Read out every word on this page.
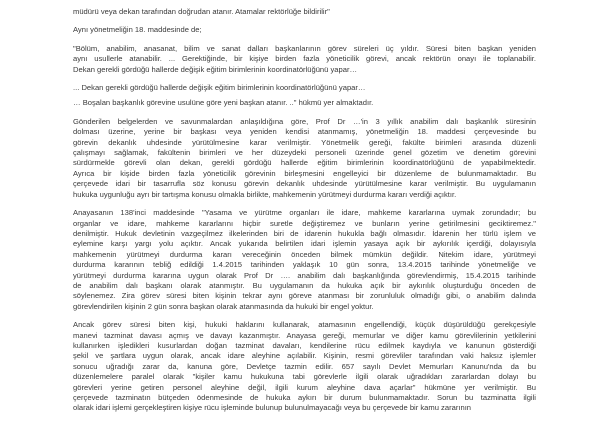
müdürü veya dekan tarafından doğrudan atanır. Atamalar rektörlüğe bildirilir"

Aynı yönetmeliğin 18. maddesinde de;

"Bölüm, anabilim, anasanat, bilim ve sanat dalları başkanlarının görev süreleri üç yıldır. Süresi biten başkan yeniden
aynı usullerle atanabilir. ... Gerektiğinde, bir kişiye birden fazla yöneticilik görevi, ancak rektörün onayı ile toplanabilir.
Dekan gerekli gördüğü hallerde değişik eğitim birimlerinin koordinatörlüğünü yapar…

... Dekan gerekli gördüğü hallerde değişik eğitim birimlerinin koordinatörlüğünü yapar…

… Boşalan başkanlık görevine usulüne göre yeni başkan atanır. .." hükmü yer almaktadır.

Gönderilen belgelerden ve savunmalardan anlaşıldığına göre, Prof Dr …'in 3 yıllık anabilim dalı başkanlık süresinin
dolması üzerine, yerine bir başkası veya yeniden kendisi atanmamış, yönetmeliğin 18. maddesi çerçevesinde bu
görevin dekanlık uhdesinde yürütülmesine karar verilmiştir. Yönetmelik gereği, fakülte birimleri arasında düzenli
çalışmayı sağlamak, fakültenin birimleri ve her düzeydeki personeli üzerinde genel gözetim ve denetim görevini
sürdürmekle görevli olan dekan, gerekli gördüğü hallerde eğitim birimlerinin koordinatörlüğünü de yapabilmektedir.
Ayrıca bir kişide birden fazla yöneticilik görevinin birleşmesini engelleyici bir düzenleme de bulunmamaktadır. Bu
çerçevede idari bir tasarrufla söz konusu görevin dekanlık uhdesinde yürütülmesine karar verilmiştir. Bu uygulamanın
hukuka uygunluğu ayrı bir tartışma konusu olmakla birlikte, mahkemenin yürütmeyi durdurma kararı verdiği açıktır.

Anayasanın 138'inci maddesinde "Yasama ve yürütme organları ile idare, mahkeme kararlarına uymak zorundadır; bu
organlar ve idare, mahkeme kararlarını hiçbir suretle değiştiremez ve bunların yerine getirilmesini geciktiremez."
denilmiştir. Hukuk devletinin vazgeçilmez ilkelerinden biri de idarenin hukukla bağlı olmasıdır. İdarenin her türlü işlem ve
eylemine karşı yargı yolu açıktır. Ancak yukarıda belirtilen idari işlemin yasaya açık bir aykırılık içerdiği, dolayısıyla
mahkemenin yürütmeyi durdurma kararı vereceğinin önceden bilmek mümkün değildir. Nitekim idare, yürütmeyi
durdurma kararının tebliğ edildiği 1.4.2015 tarihinden yaklaşık 10 gün sonra, 13.4.2015 tarihinde yönetmeliğe ve
yürütmeyi durdurma kararına uygun olarak Prof Dr …. anabilim dalı başkanlığında görevlendirmiş, 15.4.2015 tarihinde
de anabilim dalı başkanı olarak atanmıştır. Bu uygulamanın da hukuka açık bir aykırılık oluşturduğu önceden de
söylenemez. Zira görev süresi biten kişinin tekrar aynı göreve atanması bir zorunluluk olmadığı gibi, o anabilim dalında
görevlendirilen kişinin 2 gün sonra başkan olarak atanmasında da hukuki bir engel yoktur.

Ancak görev süresi biten kişi, hukuki haklarını kullanarak, atamasının engellendiği, küçük düşürüldüğü gerekçesiyle
manevi tazminat davası açmış ve davayı kazanmıştır. Anayasa gereği, memurlar ve diğer kamu görevlilerinin yetkilerini
kullanırken işledikleri kusurlardan doğan tazminat davaları, kendilerine rücu edilmek kaydıyla ve kanunun gösterdiği
şekil ve şartlara uygun olarak, ancak idare aleyhine açılabilir. Kişinin, resmi görevliler tarafından vaki haksız işlemler
sonucu uğradığı zarar da, kanuna göre, Devletçe tazmin edilir. 657 sayılı Devlet Memurları Kanunu'nda da bu
düzenlemelere paralel olarak "kişiler kamu hukukuna tabi görevlerle ilgili olarak uğradıkları zararlardan dolayı bu
görevleri yerine getiren personel aleyhine değil, ilgili kurum aleyhine dava açarlar" hükmüne yer verilmiştir. Bu
çerçevede tazminatın bütçeden ödenmesinde de hukuka aykırı bir durum bulunmamaktadır. Sorun bu tazminatta ilgili
olarak idari işlemi gerçekleştiren kişiye rücu işleminde bulunup bulunulmayacağı veya bu çerçevede bir kamu zararının
